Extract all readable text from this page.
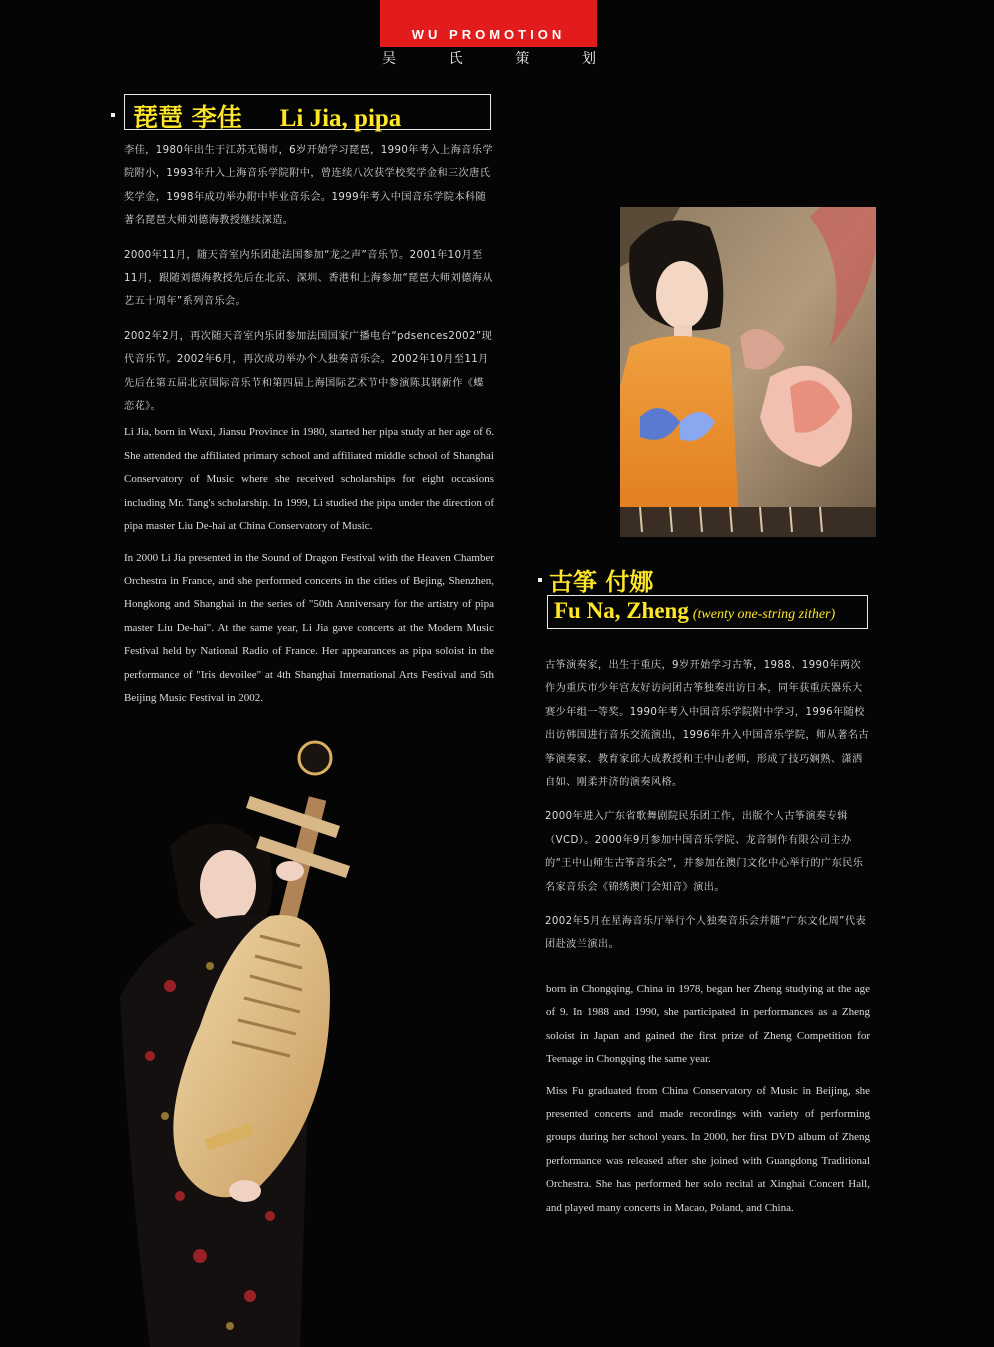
WU PROMOTION
吴	氏	策	划
琵琶 李佳 Li Jia, pipa

李佳，1980年出生于江苏无锡市，6岁开始学习琵琶，1990年考入上海音乐学院附小，1993年升入上海音乐学院附中，曾连续八次获学校奖学金和三次唐氏奖学金，1998年成功举办附中毕业音乐会。1999年考入中国音乐学院本科随著名琵琶大师刘德海教授继续深造。

2000年11月，随天音室内乐团赴法国参加“龙之声”音乐节。2001年10月至11月，跟随刘德海教授先后在北京、深圳、香港和上海参加“琵琶大师刘德海从艺五十周年”系列音乐会。

2002年2月，再次随天音室内乐团参加法国国家广播电台“pdsences2002”现代音乐节。2002年6月，再次成功举办个人独奏音乐会。2002年10月至11月先后在第五届北京国际音乐节和第四届上海国际艺术节中参演陈其钢新作《蝶恋花》。

Li Jia, born in Wuxi, Jiansu Province in 1980, started her pipa study at her age of 6. She attended the affiliated primary school and affiliated middle school of Shanghai Conservatory of Music where she received scholarships for eight occasions including Mr. Tang's scholarship. In 1999, Li studied the pipa under the direction of pipa master Liu De-hai at China Conservatory of Music.

In 2000 Li Jia presented in the Sound of Dragon Festival with the Heaven Chamber Orchestra in France, and she performed concerts in the cities of Bejing, Shenzhen, Hongkong and Shanghai in the series of "50th Anniversary for the artistry of pipa master Liu De-hai". At the same year, Li Jia gave concerts at the Modern Music Festival held by National Radio of France. Her appearances as pipa soloist in the performance of "Iris devoilee" at 4th Shanghai International Arts Festival and 5th Beijing Music Festival in 2002.

古筝 付娜
Fu Na, Zheng (twenty one-string zither)

古筝演奏家，出生于重庆，9岁开始学习古筝，1988、1990年两次作为重庆市少年宫友好访问团古筝独奏出访日本，同年获重庆器乐大赛少年组一等奖。1990年考入中国音乐学院附中学习，1996年随校出访韩国进行音乐交流演出，1996年升入中国音乐学院，师从著名古筝演奏家、教育家邱大成教授和王中山老师，形成了技巧娴熟、潇洒自如、刚柔并济的演奏风格。

2000年进入广东省歌舞剧院民乐团工作，出版个人古筝演奏专辑（VCD）。2000年9月参加中国音乐学院、龙音制作有限公司主办的“王中山师生古筝音乐会”，并参加在澳门文化中心举行的广东民乐名家音乐会《锦绣澳门会知音》演出。

2002年5月在星海音乐厅举行个人独奏音乐会并随“广东文化周”代表团赴波兰演出。

born in Chongqing, China in 1978, began her Zheng studying at the age of 9. In 1988 and 1990, she participated in performances as a Zheng soloist in Japan and gained the first prize of Zheng Competition for Teenage in Chongqing the same year.

Miss Fu graduated from China Conservatory of Music in Beijing, she presented concerts and made recordings with variety of performing groups during her school years. In 2000, her first DVD album of Zheng performance was released after she joined with Guangdong Traditional Orchestra. She has performed her solo recital at Xinghai Concert Hall, and played many concerts in Macao, Poland, and China.
